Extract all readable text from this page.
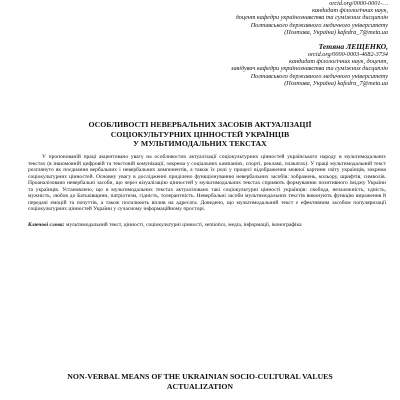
orcid.org/0000-0001-…
кандидат філологічних наук,
доцент кафедри українознавства та суміжних дисциплін
Полтавського державного медичного університету
(Полтава, Україна) kafedra_7@meta.ua
Тетяна ЛЕЩЕНКО,
orcid.org/0000-0003-4682-3734
кандидат філологічних наук, доцент,
завідувач кафедри українознавства та суміжних дисциплін
Полтавського державного медичного університету
(Полтава, Україна) kafedra_7@meta.ua
ОСОБЛИВОСТІ НЕВЕРБАЛЬНИХ ЗАСОБІВ АКТУАЛІЗАЦІЇ
СОЦІОКУЛЬТУРНИХ ЦІННОСТЕЙ УКРАЇНЦІВ
У МУЛЬТИМОДАЛЬНИХ ТЕКСТАХ

У пропонованій праці акцентовано увагу на особливостях актуалізації соціокультурних цінностей українського народу в мультимодальних текстах (в іншомовній цифровій та текстовій комунікації, зокрема у соціальних кампаніях, спорті, рекламі, плакатах). У праці мультимодальний текст розглянуто як поєднання вербальних і невербальних компонентів, а також їх ролі у процесі відображення мовної картини світу українців, зокрема соціокультурних цінностей. Основну увагу в дослідженні приділено функціонуванню невербальних засобів: зображень, кольору, шрифтів, символів. Проаналізовано невербальні засоби, що через візуалізацію цінностей у мультимодальних текстах сприяють формуванню позитивного іміджу України та українців. Установлено, що в мультимодальних текстах актуалізовано такі соціокультурні цінності українців: свобода, незалежність, єдність, мужність, любов до Батьківщини, патріотизм, гідність, толерантність. Невербальні засоби мультимодальних текстів виконують функцію вираження й передачі емоцій та почуттів, а також посилюють вплив на адресата. Доведено, що мультимодальний текст є ефективним засобом популяризації соціокультурних цінностей України у сучасному інформаційному просторі.

Ключові слова: мультимодальний текст, цінності, соціокультурні цінності, semiotics, медіа, інформації, іконографіка
NON-VERBAL MEANS OF THE UKRAINIAN SOCIO-CULTURAL VALUES
ACTUALIZATION
